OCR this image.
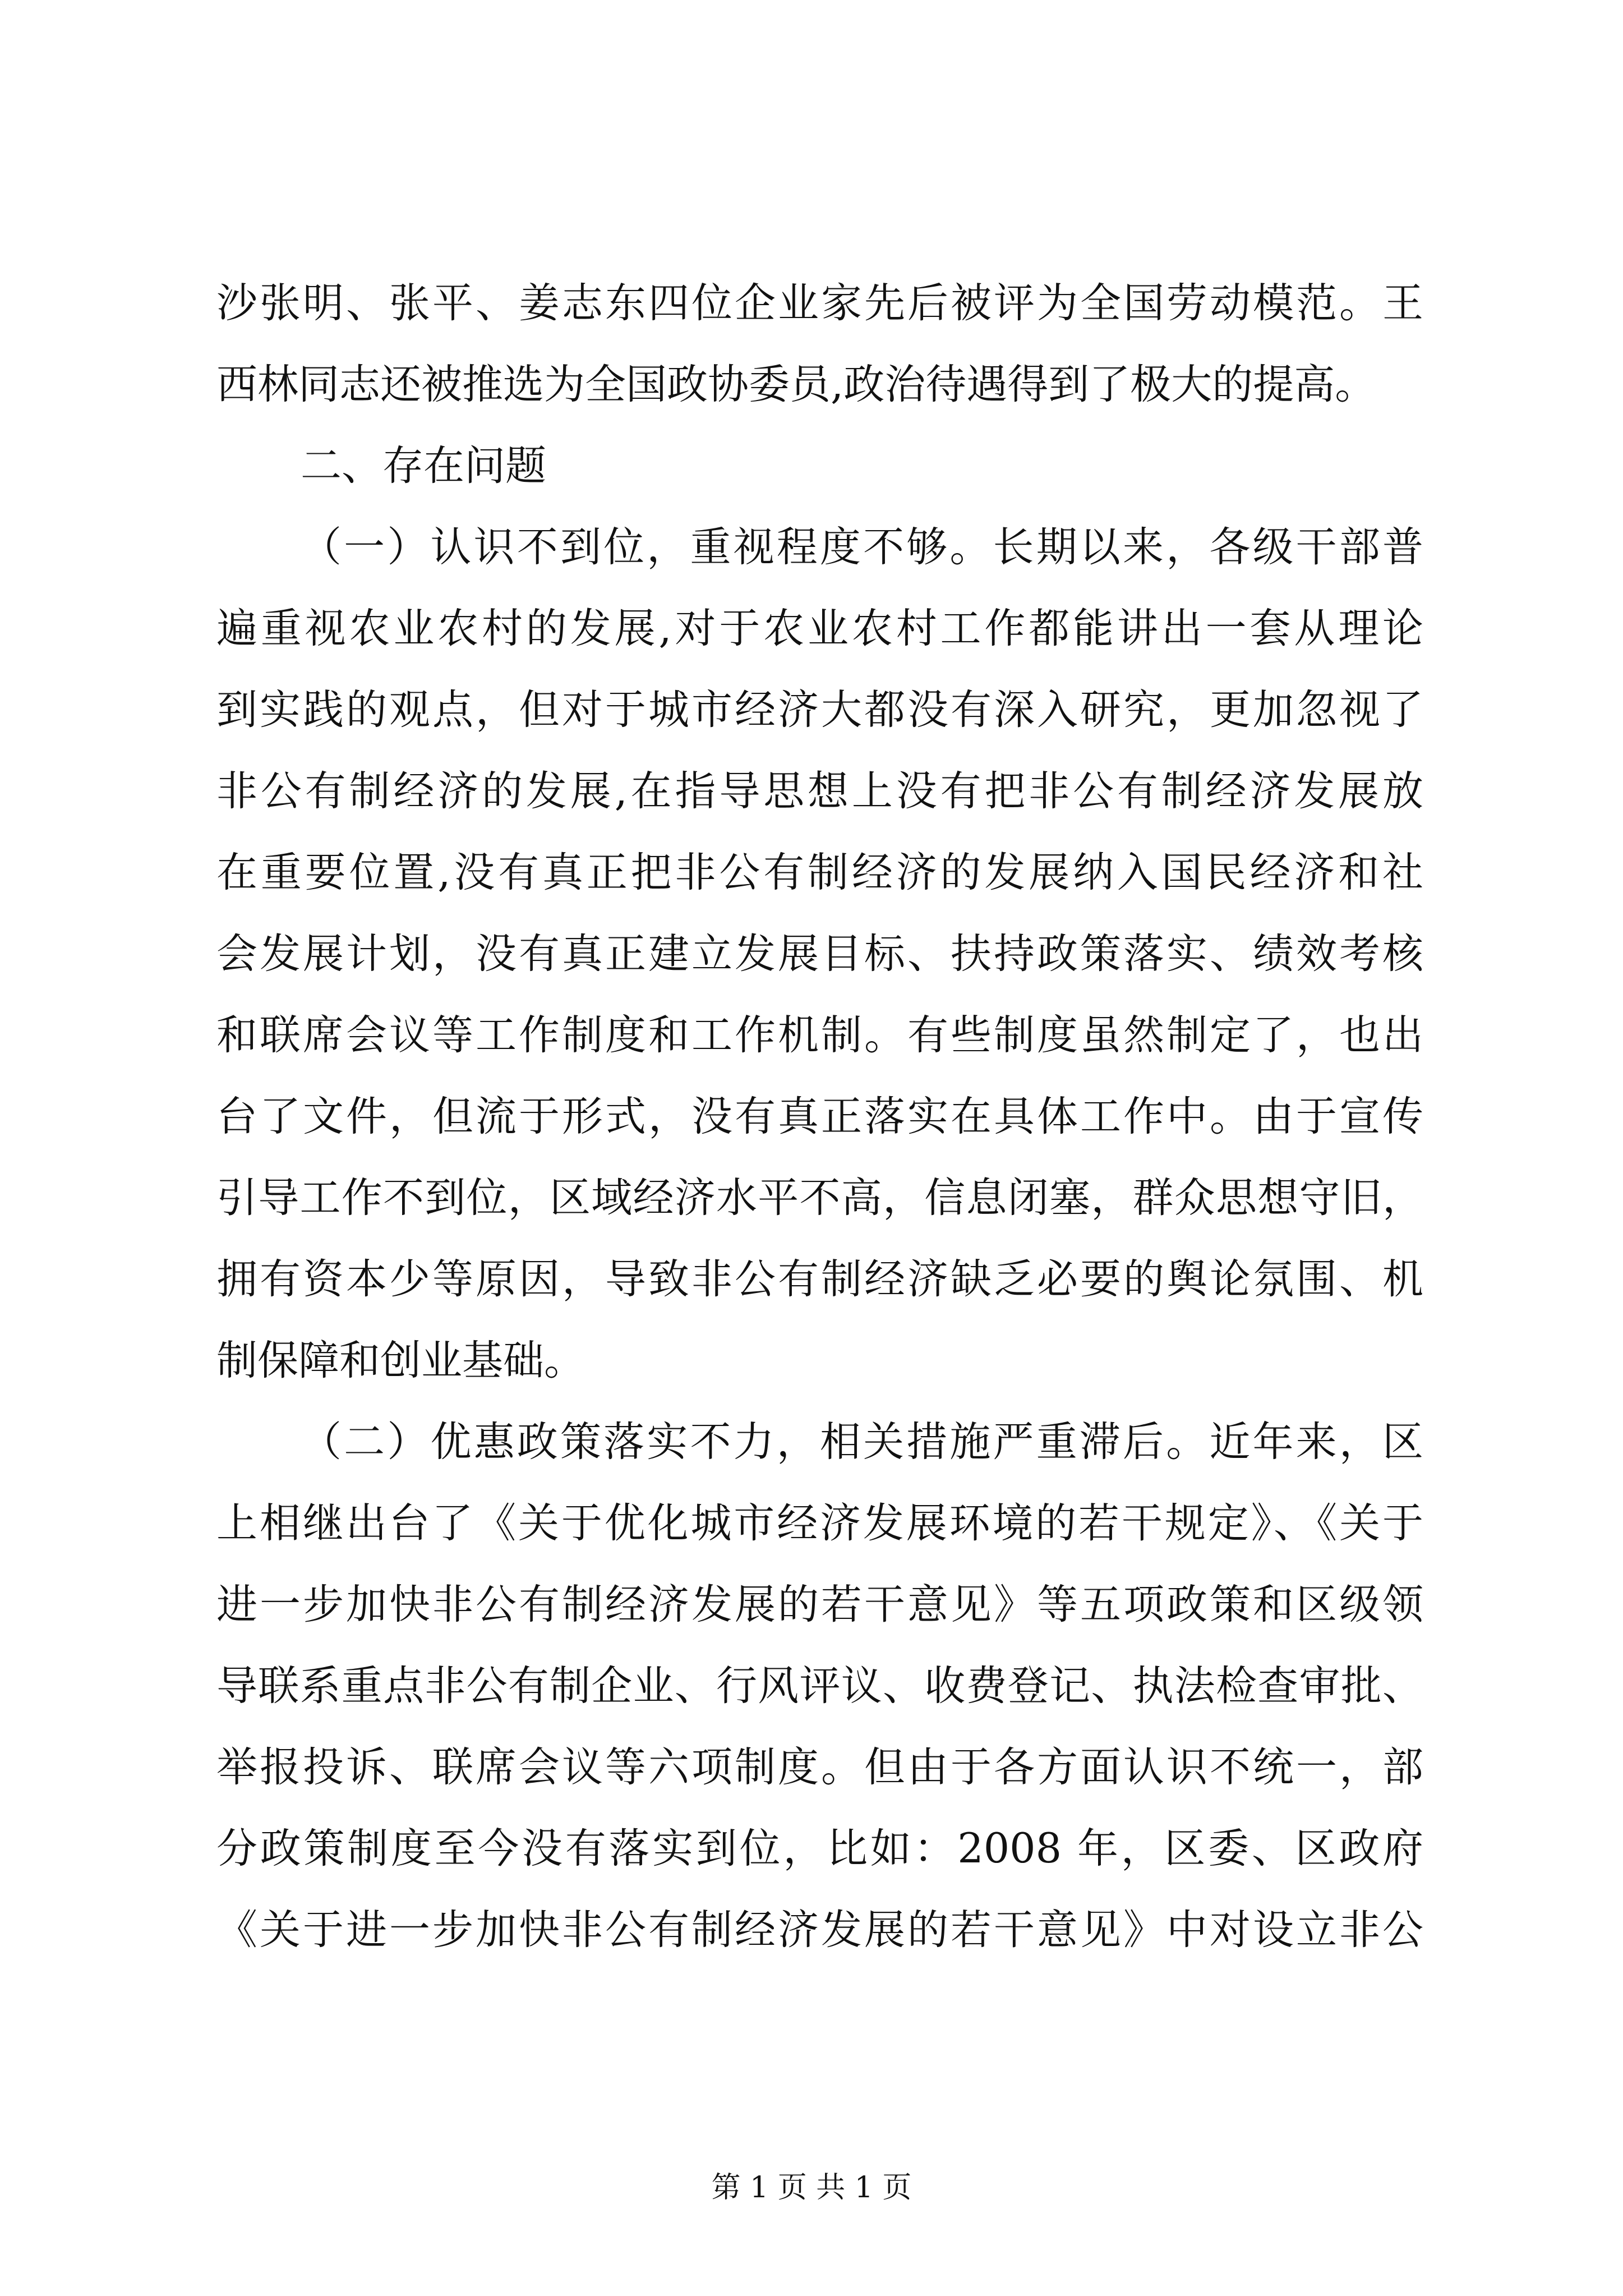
沙张明、张平、姜志东四位企业家先后被评为全国劳动模范。王
西林同志还被推选为全国政协委员,政治待遇得到了极大的提高。
二、存在问题
（一）认识不到位，重视程度不够。长期以来，各级干部普
遍重视农业农村的发展,对于农业农村工作都能讲出一套从理论
到实践的观点，但对于城市经济大都没有深入研究，更加忽视了
非公有制经济的发展,在指导思想上没有把非公有制经济发展放
在重要位置,没有真正把非公有制经济的发展纳入国民经济和社
会发展计划，没有真正建立发展目标、扶持政策落实、绩效考核
和联席会议等工作制度和工作机制。有些制度虽然制定了，也出
台了文件，但流于形式，没有真正落实在具体工作中。由于宣传
引导工作不到位，区域经济水平不高，信息闭塞，群众思想守旧，
拥有资本少等原因，导致非公有制经济缺乏必要的舆论氛围、机
制保障和创业基础。
（二）优惠政策落实不力，相关措施严重滞后。近年来，区
上相继出台了《关于优化城市经济发展环境的若干规定》、《关于
进一步加快非公有制经济发展的若干意见》等五项政策和区级领
导联系重点非公有制企业、行风评议、收费登记、执法检查审批、
举报投诉、联席会议等六项制度。但由于各方面认识不统一，部
分政策制度至今没有落实到位，比如：2008 年，区委、区政府
《关于进一步加快非公有制经济发展的若干意见》中对设立非公
第 1 页 共 1 页
